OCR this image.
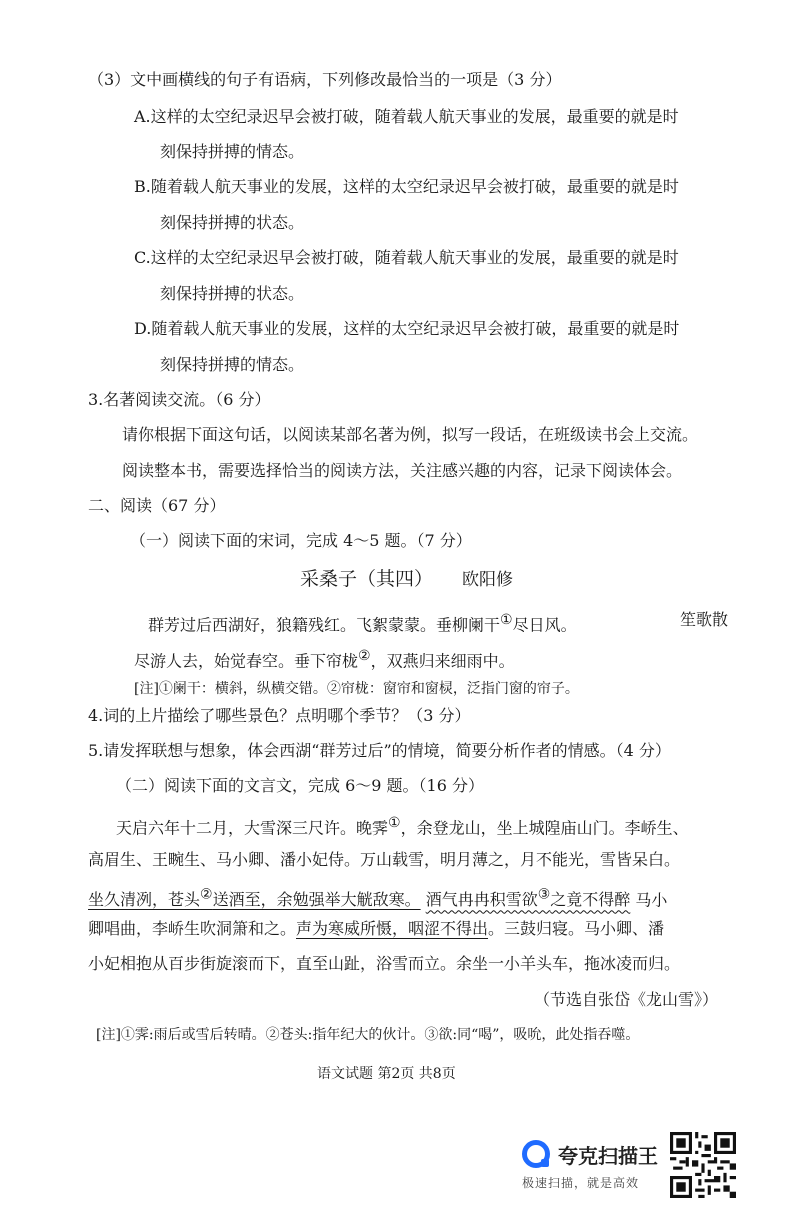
（3）文中画横线的句子有语病，下列修改最恰当的一项是（3 分）
A.这样的太空纪录迟早会被打破，随着载人航天事业的发展，最重要的就是时
刻保持拼搏的情态。
B.随着载人航天事业的发展，这样的太空纪录迟早会被打破，最重要的就是时
刻保持拼搏的状态。
C.这样的太空纪录迟早会被打破，随着载人航天事业的发展，最重要的就是时
刻保持拼搏的状态。
D.随着载人航天事业的发展，这样的太空纪录迟早会被打破，最重要的就是时
刻保持拼搏的情态。
3.名著阅读交流。（6 分）
请你根据下面这句话，以阅读某部名著为例，拟写一段话，在班级读书会上交流。
阅读整本书，需要选择恰当的阅读方法，关注感兴趣的内容，记录下阅读体会。
二、阅读（67 分）
（一）阅读下面的宋词，完成 4～5 题。（7 分）
采桑子（其四） 欧阳修
群芳过后西湖好，狼籍残红。飞絮蒙蒙。垂柳阑干①尽日风。	笙歌散
尽游人去，始觉春空。垂下帘栊②，双燕归来细雨中。
[注]①阑干：横斜，纵横交错。②帘栊：窗帘和窗棂，泛指门窗的帘子。
4.词的上片描绘了哪些景色？点明哪个季节？（3 分）
5.请发挥联想与想象，体会西湖“群芳过后”的情境，简要分析作者的情感。（4 分）
（二）阅读下面的文言文，完成 6～9 题。（16 分）
天启六年十二月，大雪深三尺许。晚霁①，余登龙山，坐上城隍庙山门。李峤生、
高眉生、王畹生、马小卿、潘小妃侍。万山载雪，明月薄之，月不能光，雪皆呆白。
坐久清冽，苍头②送酒至，余勉强举大觥敌寒。 酒气冉冉积雪欲③之竟不得醉 马小
卿唱曲，李峤生吹洞箫和之。声为寒威所慑，咽涩不得出。三鼓归寝。马小卿、潘
小妃相抱从百步街旋滚而下，直至山趾，浴雪而立。余坐一小羊头车，拖冰凌而归。
（节选自张岱《龙山雪》）
[注]①霁:雨后或雪后转晴。②苍头:指年纪大的伙计。③欲:同“喝”，吸吮，此处指吞噬。
语文试题 第2页 共8页
夸克扫描王
极速扫描，就是高效
